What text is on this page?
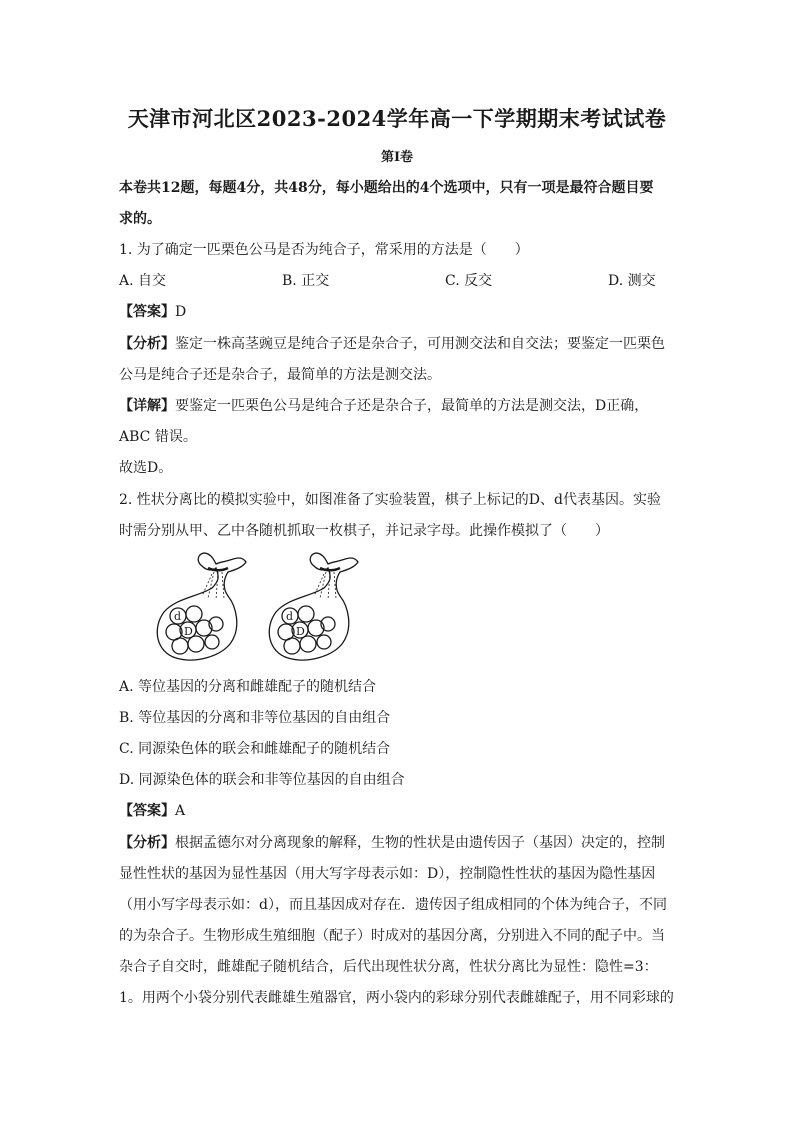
天津市河北区2023-2024学年高一下学期期末考试试卷
第I卷
本卷共12题，每题4分，共48分，每小题给出的4个选项中，只有一项是最符合题目要
求的。
1. 为了确定一匹栗色公马是否为纯合子，常采用的方法是（　　）
A. 自交	B. 正交	C. 反交	D. 测交
【答案】D
【分析】鉴定一株高茎豌豆是纯合子还是杂合子，可用测交法和自交法；要鉴定一匹栗色
公马是纯合子还是杂合子，最简单的方法是测交法。
【详解】要鉴定一匹栗色公马是纯合子还是杂合子，最简单的方法是测交法，D正确，
ABC 错误。
故选D。
2. 性状分离比的模拟实验中，如图准备了实验装置，棋子上标记的D、d代表基因。实验
时需分别从甲、乙中各随机抓取一枚棋子，并记录字母。此操作模拟了（　　）
d
D
d
D
A. 等位基因的分离和雌雄配子的随机结合
B. 等位基因的分离和非等位基因的自由组合
C. 同源染色体的联会和雌雄配子的随机结合
D. 同源染色体的联会和非等位基因的自由组合
【答案】A
【分析】根据孟德尔对分离现象的解释，生物的性状是由遗传因子（基因）决定的，控制
显性性状的基因为显性基因（用大写字母表示如：D），控制隐性性状的基因为隐性基因
（用小写字母表示如：d），而且基因成对存在．遗传因子组成相同的个体为纯合子，不同
的为杂合子。生物形成生殖细胞（配子）时成对的基因分离，分别进入不同的配子中。当
杂合子自交时，雌雄配子随机结合，后代出现性状分离，性状分离比为显性：隐性=3：
1。用两个小袋分别代表雌雄生殖器官，两小袋内的彩球分别代表雌雄配子，用不同彩球的
